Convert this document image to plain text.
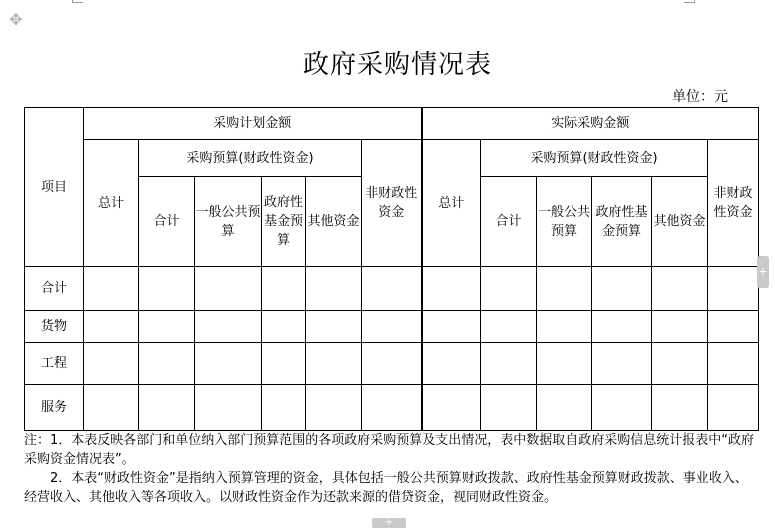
✥
政府采购情况表
单位：元
项目	采购计划金额						实际采购金额					
	总计	采购预算(财政性资金)				非财政性资金	总计	采购预算(财政性资金)				非财政性资金
		合计	一般公共预算	政府性基金预算	其他资金			合计	一般公共预算	政府性基金预算	其他资金	

合计												
货物												
工程												
服务												

注：1．本表反映各部门和单位纳入部门预算范围的各项政府采购预算及支出情况，表中数据取自政府采购信息统计报表中“政府采购资金情况表”。

2．本表“财政性资金”是指纳入预算管理的资金，具体包括一般公共预算财政拨款、政府性基金预算财政拨款、事业收入、经营收入、其他收入等各项收入。以财政性资金作为还款来源的借贷资金，视同财政性资金。

+
+
